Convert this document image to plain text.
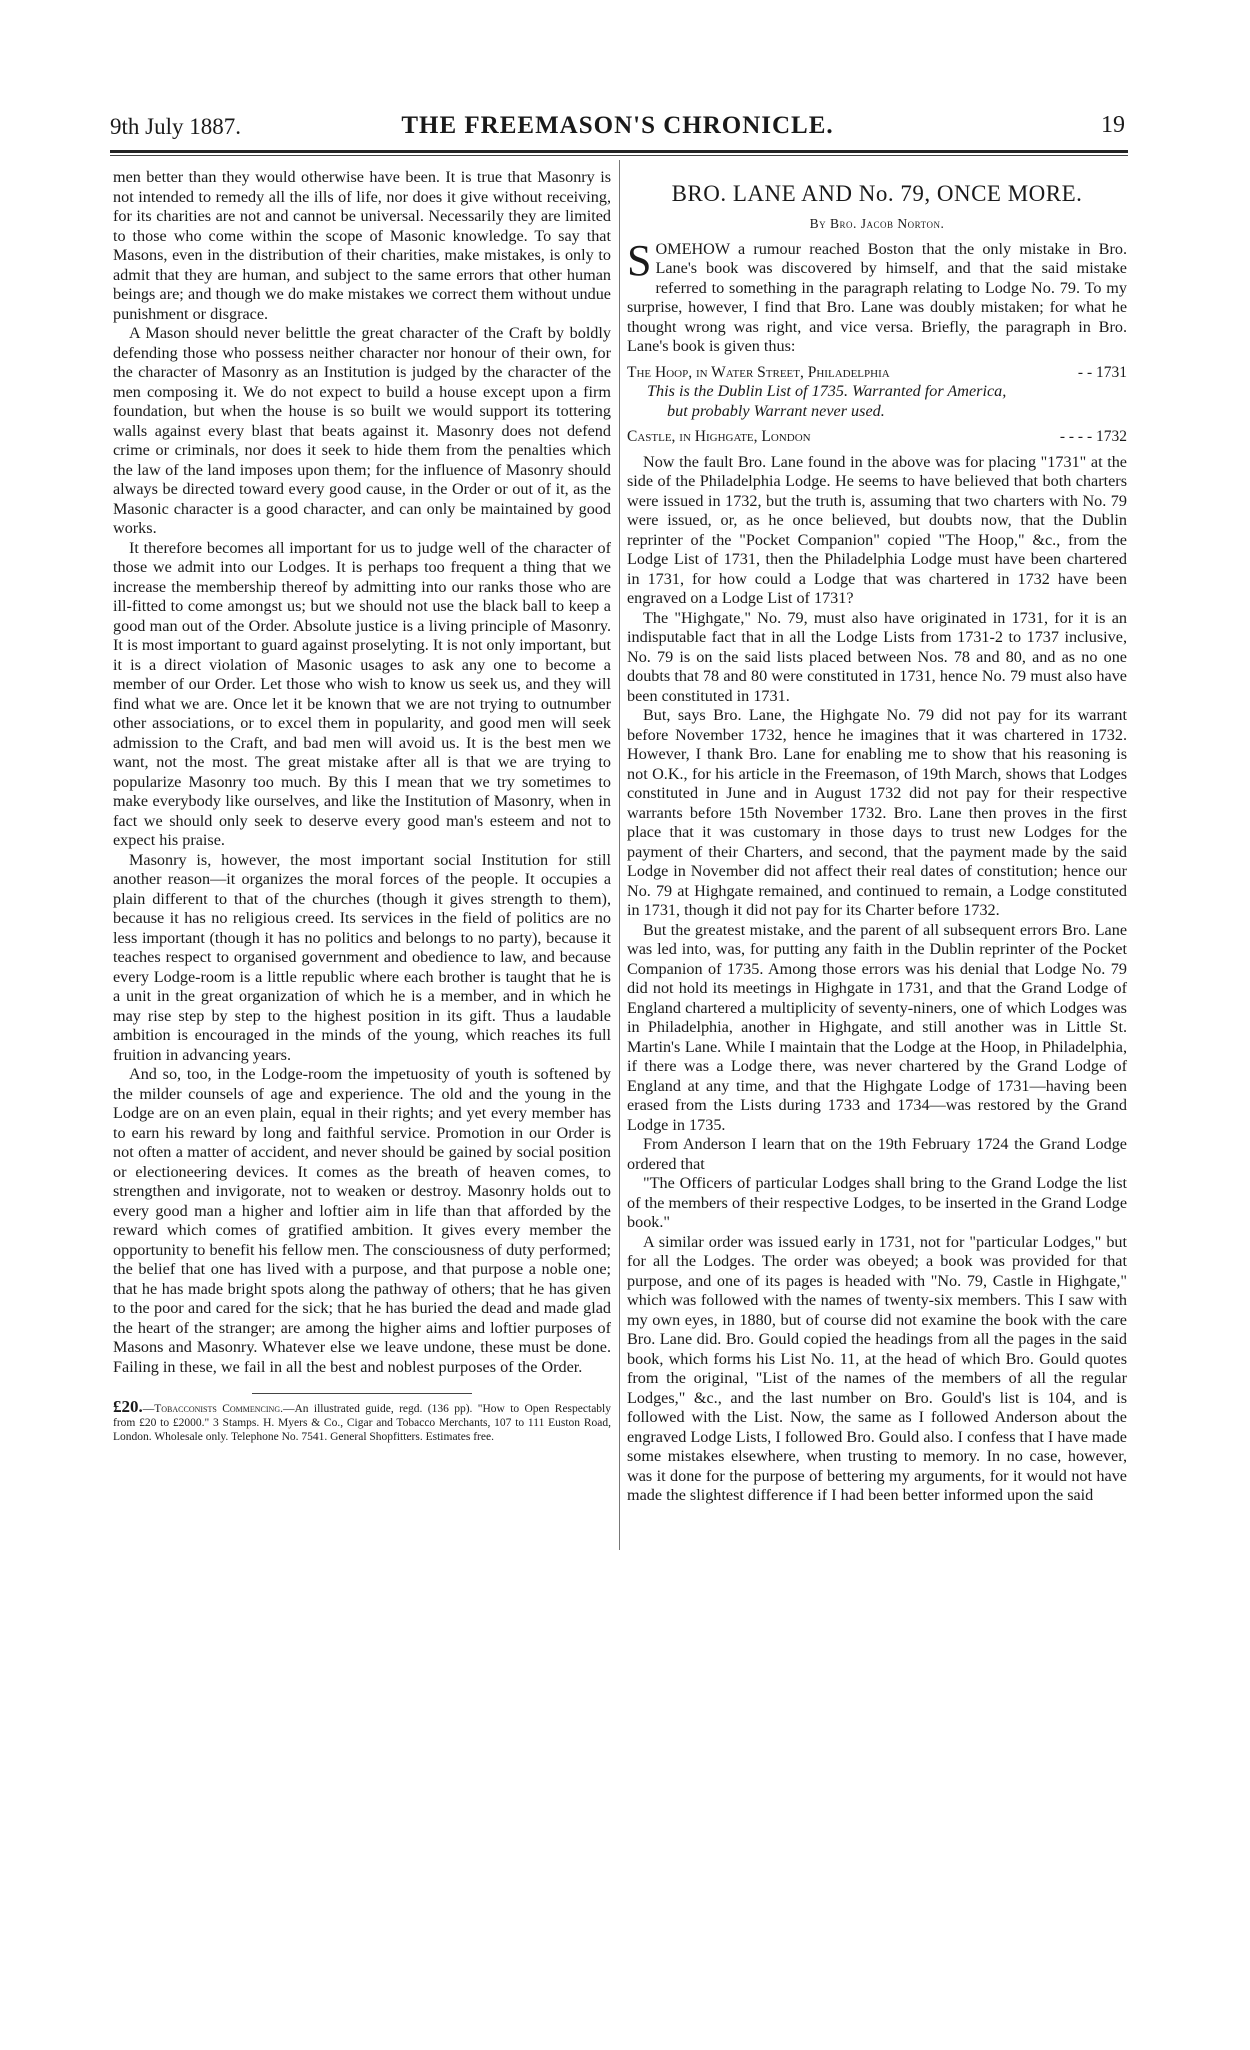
9th July 1887.	THE FREEMASON'S CHRONICLE.	19

men better than they would otherwise have been. It is true that Masonry is not intended to remedy all the ills of life, nor does it give without receiving, for its charities are not and cannot be universal. Necessarily they are limited to those who come within the scope of Masonic knowledge. To say that Masons, even in the distribution of their charities, make mistakes, is only to admit that they are human, and subject to the same errors that other human beings are; and though we do make mistakes we correct them without undue punishment or disgrace.

A Mason should never belittle the great character of the Craft by boldly defending those who possess neither character nor honour of their own, for the character of Masonry as an Institution is judged by the character of the men composing it. We do not expect to build a house except upon a firm foundation, but when the house is so built we would support its tottering walls against every blast that beats against it. Masonry does not defend crime or criminals, nor does it seek to hide them from the penalties which the law of the land imposes upon them; for the influence of Masonry should always be directed toward every good cause, in the Order or out of it, as the Masonic character is a good character, and can only be maintained by good works.

It therefore becomes all important for us to judge well of the character of those we admit into our Lodges. It is perhaps too frequent a thing that we increase the membership thereof by admitting into our ranks those who are ill-fitted to come amongst us; but we should not use the black ball to keep a good man out of the Order. Absolute justice is a living principle of Masonry. It is most important to guard against proselyting. It is not only important, but it is a direct violation of Masonic usages to ask any one to become a member of our Order. Let those who wish to know us seek us, and they will find what we are. Once let it be known that we are not trying to outnumber other associations, or to excel them in popularity, and good men will seek admission to the Craft, and bad men will avoid us. It is the best men we want, not the most. The great mistake after all is that we are trying to popularize Masonry too much. By this I mean that we try sometimes to make everybody like ourselves, and like the Institution of Masonry, when in fact we should only seek to deserve every good man's esteem and not to expect his praise.

Masonry is, however, the most important social Institution for still another reason—it organizes the moral forces of the people. It occupies a plain different to that of the churches (though it gives strength to them), because it has no religious creed. Its services in the field of politics are no less important (though it has no politics and belongs to no party), because it teaches respect to organised government and obedience to law, and because every Lodge-room is a little republic where each brother is taught that he is a unit in the great organization of which he is a member, and in which he may rise step by step to the highest position in its gift. Thus a laudable ambition is encouraged in the minds of the young, which reaches its full fruition in advancing years.

And so, too, in the Lodge-room the impetuosity of youth is softened by the milder counsels of age and experience. The old and the young in the Lodge are on an even plain, equal in their rights; and yet every member has to earn his reward by long and faithful service. Promotion in our Order is not often a matter of accident, and never should be gained by social position or electioneering devices. It comes as the breath of heaven comes, to strengthen and invigorate, not to weaken or destroy. Masonry holds out to every good man a higher and loftier aim in life than that afforded by the reward which comes of gratified ambition. It gives every member the opportunity to benefit his fellow men. The consciousness of duty performed; the belief that one has lived with a purpose, and that purpose a noble one; that he has made bright spots along the pathway of others; that he has given to the poor and cared for the sick; that he has buried the dead and made glad the heart of the stranger; are among the higher aims and loftier purposes of Masons and Masonry. Whatever else we leave undone, these must be done. Failing in these, we fail in all the best and noblest purposes of the Order.

£20.—Tobacconists Commencing.—An illustrated guide, regd. (136 pp). "How to Open Respectably from £20 to £2000." 3 Stamps. H. Myers & Co., Cigar and Tobacco Merchants, 107 to 111 Euston Road, London. Wholesale only. Telephone No. 7541. General Shopfitters. Estimates free.
BRO. LANE AND No. 79, ONCE MORE.
By Bro. Jacob Norton.

SOMEHOW a rumour reached Boston that the only mistake in Bro. Lane's book was discovered by himself, and that the said mistake referred to something in the paragraph relating to Lodge No. 79. To my surprise, however, I find that Bro. Lane was doubly mistaken; for what he thought wrong was right, and vice versa. Briefly, the paragraph in Bro. Lane's book is given thus:

The Hoop, in Water Street, Philadelphia	- - 1731
This is the Dublin List of 1735. Warranted for America,
but probably Warrant never used.
Castle, in Highgate, London	- - - - 1732

Now the fault Bro. Lane found in the above was for placing "1731" at the side of the Philadelphia Lodge. He seems to have believed that both charters were issued in 1732, but the truth is, assuming that two charters with No. 79 were issued, or, as he once believed, but doubts now, that the Dublin reprinter of the "Pocket Companion" copied "The Hoop," &c., from the Lodge List of 1731, then the Philadelphia Lodge must have been chartered in 1731, for how could a Lodge that was chartered in 1732 have been engraved on a Lodge List of 1731?

The "Highgate," No. 79, must also have originated in 1731, for it is an indisputable fact that in all the Lodge Lists from 1731-2 to 1737 inclusive, No. 79 is on the said lists placed between Nos. 78 and 80, and as no one doubts that 78 and 80 were constituted in 1731, hence No. 79 must also have been constituted in 1731.

But, says Bro. Lane, the Highgate No. 79 did not pay for its warrant before November 1732, hence he imagines that it was chartered in 1732. However, I thank Bro. Lane for enabling me to show that his reasoning is not O.K., for his article in the Freemason, of 19th March, shows that Lodges constituted in June and in August 1732 did not pay for their respective warrants before 15th November 1732. Bro. Lane then proves in the first place that it was customary in those days to trust new Lodges for the payment of their Charters, and second, that the payment made by the said Lodge in November did not affect their real dates of constitution; hence our No. 79 at Highgate remained, and continued to remain, a Lodge constituted in 1731, though it did not pay for its Charter before 1732.

But the greatest mistake, and the parent of all subsequent errors Bro. Lane was led into, was, for putting any faith in the Dublin reprinter of the Pocket Companion of 1735. Among those errors was his denial that Lodge No. 79 did not hold its meetings in Highgate in 1731, and that the Grand Lodge of England chartered a multiplicity of seventy-niners, one of which Lodges was in Philadelphia, another in Highgate, and still another was in Little St. Martin's Lane. While I maintain that the Lodge at the Hoop, in Philadelphia, if there was a Lodge there, was never chartered by the Grand Lodge of England at any time, and that the Highgate Lodge of 1731—having been erased from the Lists during 1733 and 1734—was restored by the Grand Lodge in 1735.

From Anderson I learn that on the 19th February 1724 the Grand Lodge ordered that

"The Officers of particular Lodges shall bring to the Grand Lodge the list of the members of their respective Lodges, to be inserted in the Grand Lodge book."

A similar order was issued early in 1731, not for "particular Lodges," but for all the Lodges. The order was obeyed; a book was provided for that purpose, and one of its pages is headed with "No. 79, Castle in Highgate," which was followed with the names of twenty-six members. This I saw with my own eyes, in 1880, but of course did not examine the book with the care Bro. Lane did. Bro. Gould copied the headings from all the pages in the said book, which forms his List No. 11, at the head of which Bro. Gould quotes from the original, "List of the names of the members of all the regular Lodges," &c., and the last number on Bro. Gould's list is 104, and is followed with the List. Now, the same as I followed Anderson about the engraved Lodge Lists, I followed Bro. Gould also. I confess that I have made some mistakes elsewhere, when trusting to memory. In no case, however, was it done for the purpose of bettering my arguments, for it would not have made the slightest difference if I had been better informed upon the said
